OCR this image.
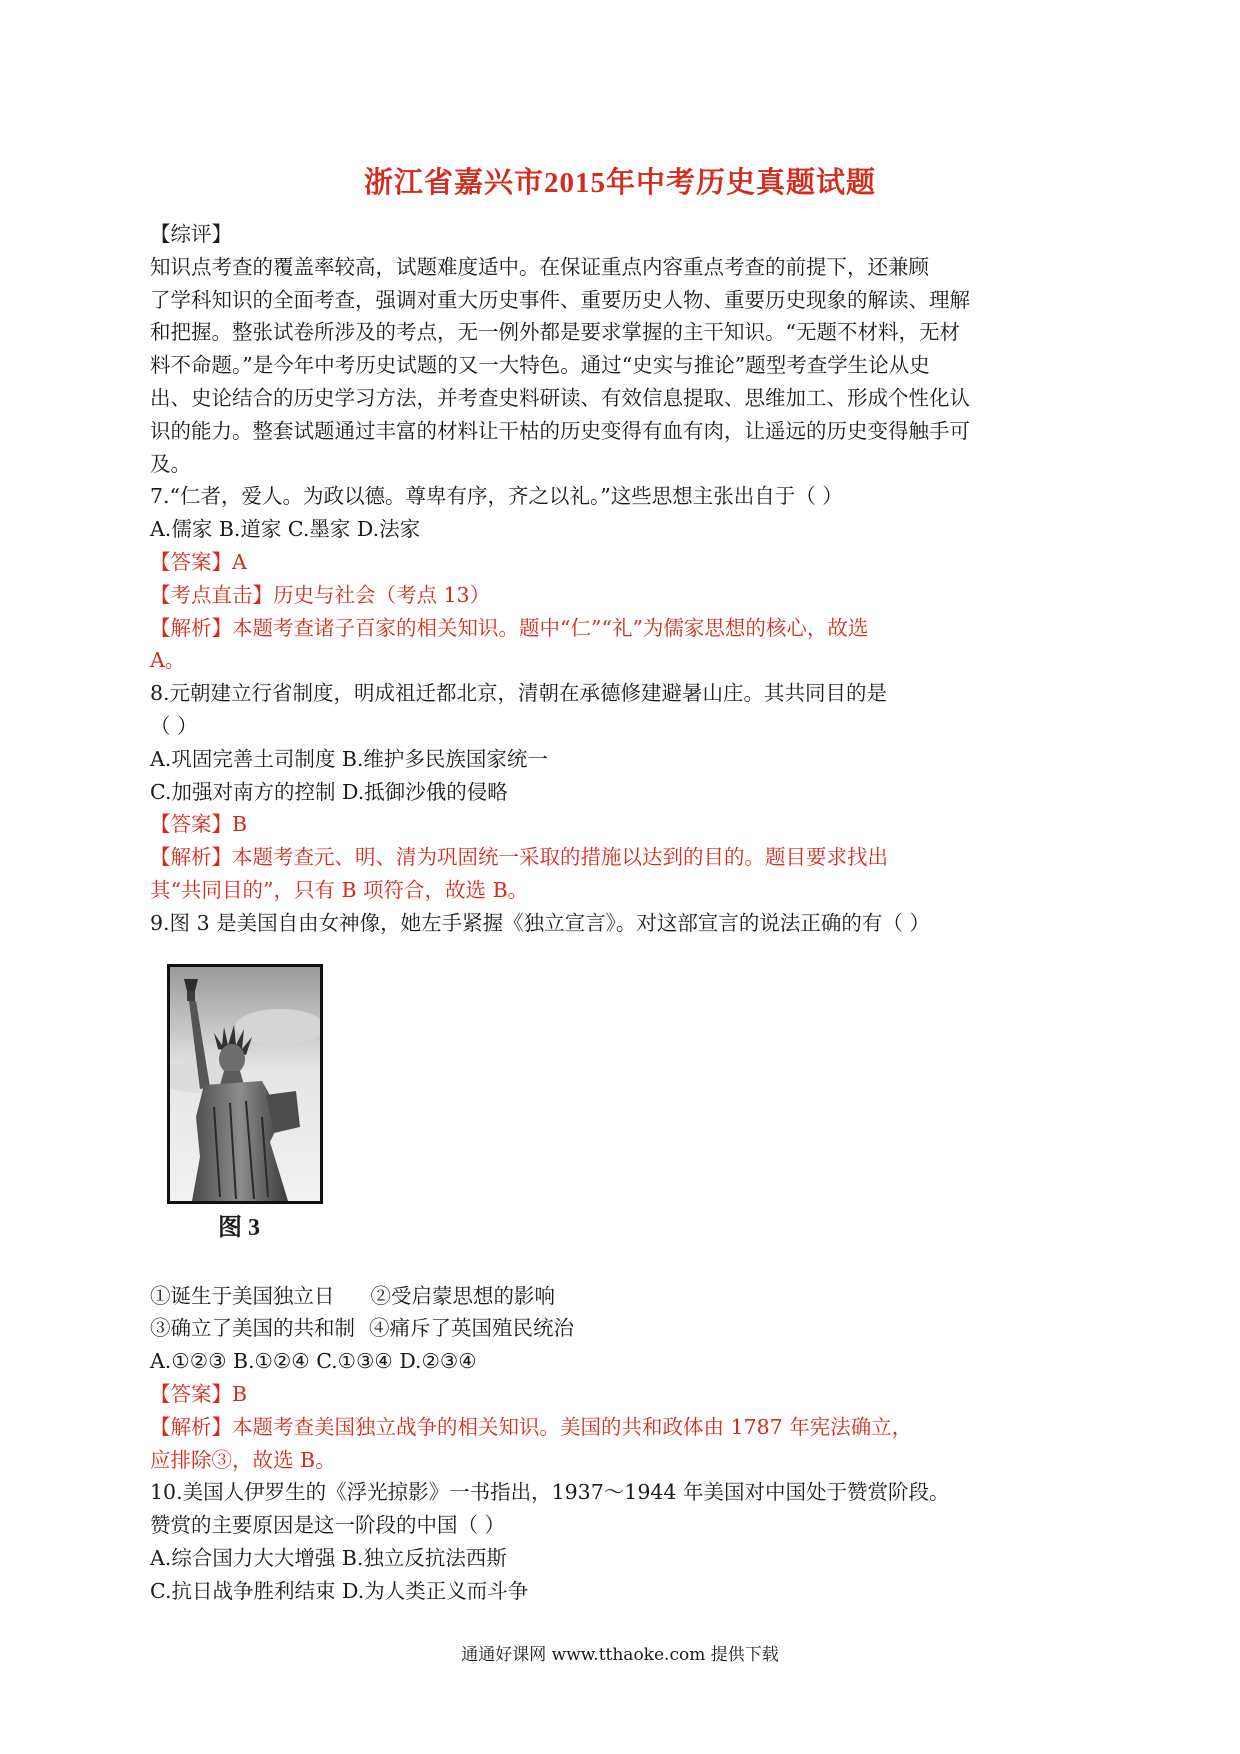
浙江省嘉兴市2015年中考历史真题试题

【综评】

知识点考查的覆盖率较高，试题难度适中。在保证重点内容重点考查的前提下，还兼顾

了学科知识的全面考查，强调对重大历史事件、重要历史人物、重要历史现象的解读、理解

和把握。整张试卷所涉及的考点，无一例外都是要求掌握的主干知识。“无题不材料，无材

料不命题。”是今年中考历史试题的又一大特色。通过“史实与推论”题型考查学生论从史

出、史论结合的历史学习方法，并考查史料研读、有效信息提取、思维加工、形成个性化认

识的能力。整套试题通过丰富的材料让干枯的历史变得有血有肉，让遥远的历史变得触手可

及。

7.“仁者，爱人。为政以德。尊卑有序，齐之以礼。”这些思想主张出自于（ ）

A.儒家 B.道家 C.墨家 D.法家

【答案】A

【考点直击】历史与社会（考点 13）

【解析】本题考查诸子百家的相关知识。题中“仁”“礼”为儒家思想的核心，故选

A。

8.元朝建立行省制度，明成祖迁都北京，清朝在承德修建避暑山庄。其共同目的是

（ ）

A.巩固完善土司制度 B.维护多民族国家统一

C.加强对南方的控制 D.抵御沙俄的侵略

【答案】B

【解析】本题考查元、明、清为巩固统一采取的措施以达到的目的。题目要求找出

其“共同目的”，只有 B 项符合，故选 B。

9.图 3 是美国自由女神像，她左手紧握《独立宣言》。对这部宣言的说法正确的有（ ）

图 3

①诞生于美国独立日 ②受启蒙思想的影响

③确立了美国的共和制 ④痛斥了英国殖民统治

A.①②③ B.①②④ C.①③④ D.②③④

【答案】B

【解析】本题考查美国独立战争的相关知识。美国的共和政体由 1787 年宪法确立，

应排除③，故选 B。

10.美国人伊罗生的《浮光掠影》一书指出，1937～1944 年美国对中国处于赞赏阶段。

赞赏的主要原因是这一阶段的中国（ ）

A.综合国力大大增强 B.独立反抗法西斯

C.抗日战争胜利结束 D.为人类正义而斗争

通通好课网 www.tthaoke.com 提供下载
